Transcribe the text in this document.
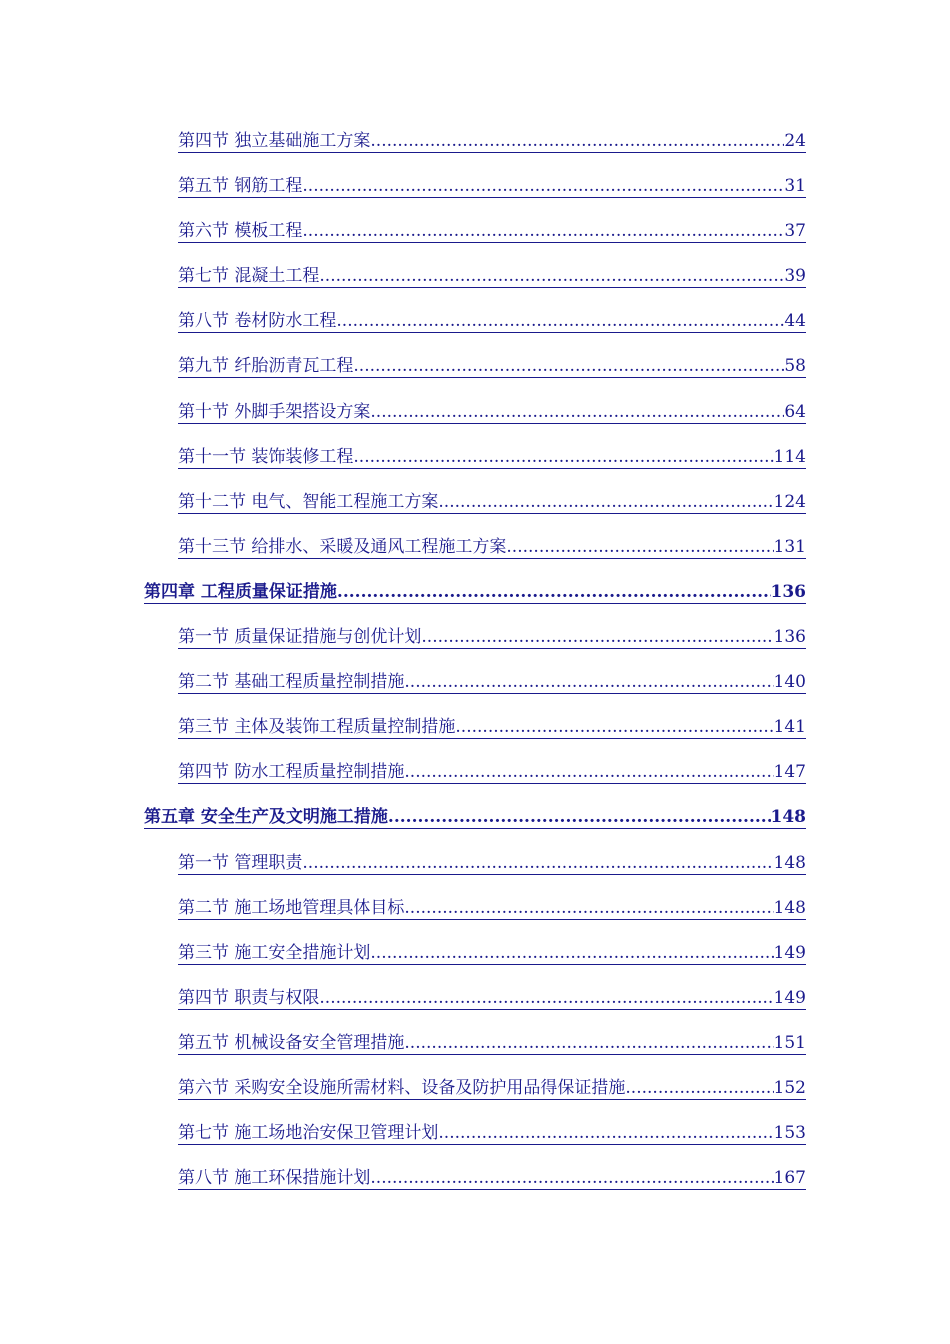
第四节 独立基础施工方案 .....	24
第五节 钢筋工程 .....	31
第六节 模板工程 .....	37
第七节 混凝土工程 .....	39
第八节 卷材防水工程 .....	44
第九节 纤胎沥青瓦工程 .....	58
第十节 外脚手架搭设方案 .....	64
第十一节 装饰装修工程 .....	114
第十二节 电气、智能工程施工方案 .....	124
第十三节 给排水、采暖及通风工程施工方案 .....	131
第四章 工程质量保证措施 .....	136
第一节 质量保证措施与创优计划 .....	136
第二节 基础工程质量控制措施 .....	140
第三节 主体及装饰工程质量控制措施 .....	141
第四节 防水工程质量控制措施 .....	147
第五章 安全生产及文明施工措施 .....	148
第一节 管理职责 .....	148
第二节 施工场地管理具体目标 .....	148
第三节 施工安全措施计划 .....	149
第四节 职责与权限 .....	149
第五节 机械设备安全管理措施 .....	151
第六节 采购安全设施所需材料、设备及防护用品得保证措施 .....	152
第七节 施工场地治安保卫管理计划 .....	153
第八节 施工环保措施计划 .....	167
